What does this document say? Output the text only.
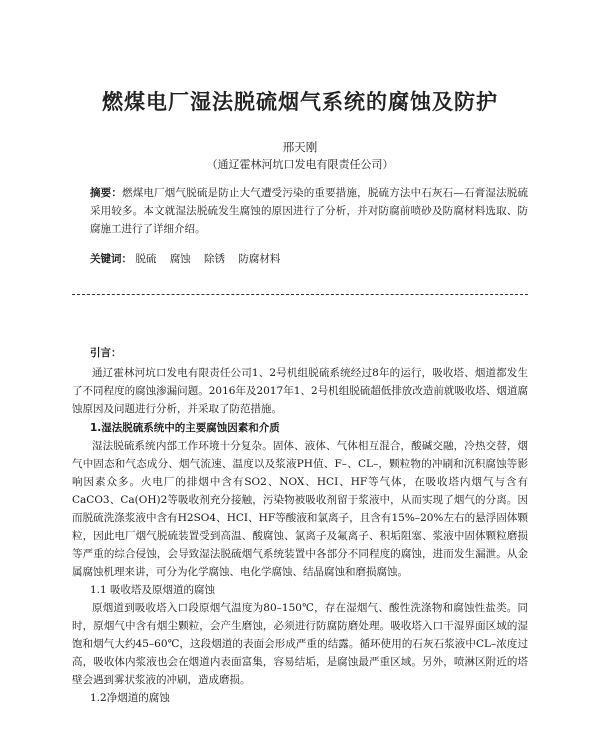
燃煤电厂湿法脱硫烟气系统的腐蚀及防护
邢天刚
（通辽霍林河坑口发电有限责任公司）
摘要：燃煤电厂烟气脱硫是防止大气遭受污染的重要措施，脱硫方法中石灰石—石膏湿法脱硫采用较多。本文就湿法脱硫发生腐蚀的原因进行了分析，并对防腐前喷砂及防腐材料选取、防腐施工进行了详细介绍。
关键词： 脱硫 腐蚀 除锈 防腐材料

引言：

通辽霍林河坑口发电有限责任公司1、2号机组脱硫系统经过8年的运行，吸收塔、烟道都发生了不同程度的腐蚀渗漏问题。2016年及2017年1、2号机组脱硫超低排放改造前就吸收塔、烟道腐蚀原因及问题进行分析，并采取了防范措施。

1.湿法脱硫系统中的主要腐蚀因素和介质

湿法脱硫系统内部工作环境十分复杂。固体、液体、气体相互混合，酸碱交融，冷热交替，烟气中固态和气态成分、烟气流速、温度以及浆液PH值、F–、CL–，颗粒物的冲刷和沉积腐蚀等影响因素众多。火电厂的排烟中含有SO2、NOX、HCI、HF等气体，在吸收塔内烟气与含有CaCO3、Ca(OH)2等吸收剂充分接触，污染物被吸收剂留于浆液中，从而实现了烟气的分离。因而脱硫洗涤浆液中含有H2SO4、HCI、HF等酸液和氯离子，且含有15%–20%左右的悬浮固体颗粒，因此电厂烟气脱硫装置受到高温、酸腐蚀、氯离子及氟离子、积垢阻塞、浆液中固体颗粒磨损等严重的综合侵蚀，会导致湿法脱硫烟气系统装置中各部分不同程度的腐蚀，进而发生漏泄。从金属腐蚀机理来讲，可分为化学腐蚀、电化学腐蚀、结晶腐蚀和磨损腐蚀。

1.1 吸收塔及原烟道的腐蚀

原烟道到吸收塔入口段原烟气温度为80–150℃，存在湿烟气、酸性洗涤物和腐蚀性盐类。同时，原烟气中含有烟尘颗粒，会产生磨蚀，必须进行防腐防磨处理。吸收塔入口干湿界面区域的湿饱和烟气大约45–60℃，这段烟道的表面会形成严重的结露。循环使用的石灰石浆液中CL–浓度过高，吸收体内浆液也会在烟道内表面富集，容易结垢，是腐蚀最严重区域。另外，喷淋区附近的塔壁会遇到雾状浆液的冲刷，造成磨损。

1.2净烟道的腐蚀
